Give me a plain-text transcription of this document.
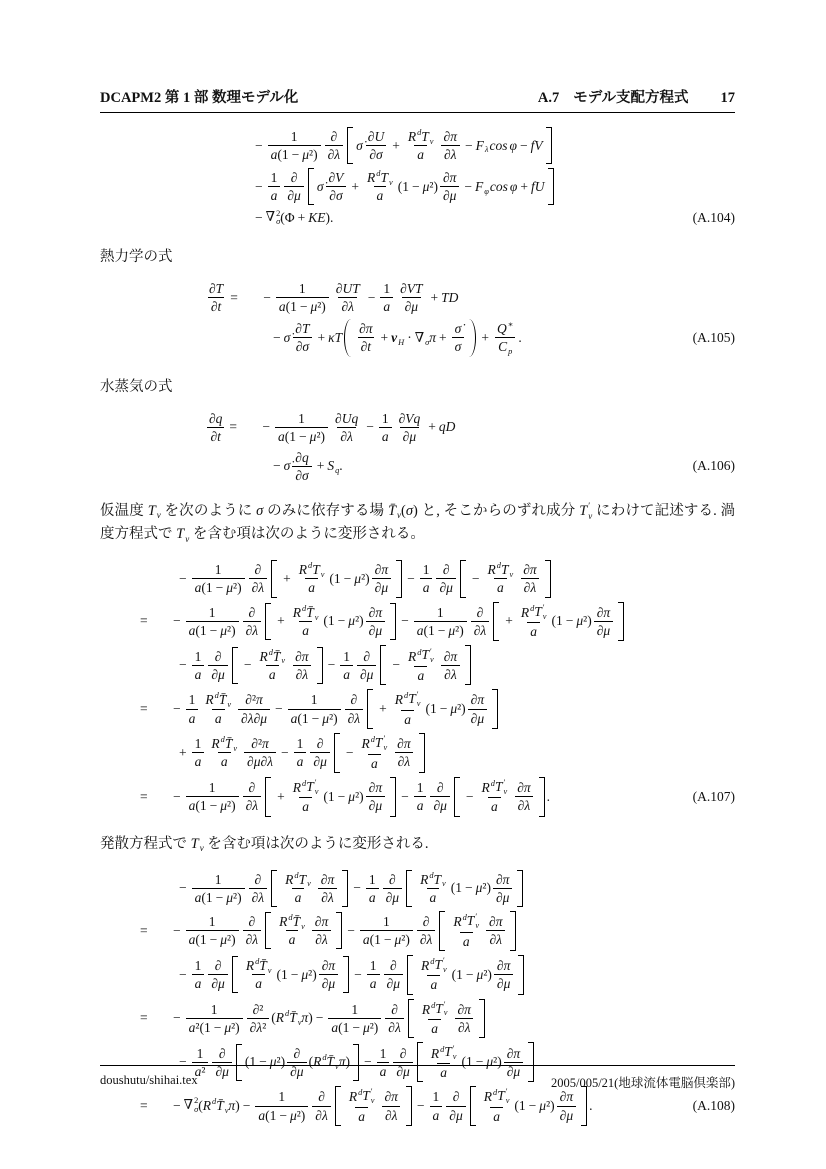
DCAPM2 第 1 部 数理モデル化	A.7 モデル支配方程式 17
− $\frac{1}{\text{a ( 1 − μ ² )}} \frac{\partial}{\partial \lambda}$ σ̇ $\frac{\partial U}{\partial \sigma} + \frac{\text{R d T v}}{a} \frac{\partial \pi}{\partial \lambda} - F$ λ cos φ − f V
− $\frac{1}{a} \frac{\partial}{\partial \mu}$ σ̇ $\frac{\partial V}{\partial \sigma} + \frac{\text{R d T v}}{a}$ ( 1 − μ ² ) $\frac{\partial \pi}{\partial \mu} - F$ φ cos φ + f U
− ∇ 2
σ ( Φ + K E ) .	(A.104)
熱力学の式
$\frac{\partial T}{\partial t}$ =	− $\frac{1}{\text{a ( 1 − μ ² )}} \frac{\text{∂ U T}}{\partial \lambda} - \frac{1}{a} \frac{\text{∂ V T}}{\partial \mu} + T$ D
− σ̇ $\frac{\partial T}{\partial \sigma} + \kappa$ T $\frac{\partial \pi}{\partial t} + v$ H · ∇ σ $\pi + \frac{\sigmȧ}{\sigma} + \frac{Q ∗}{\text{C p}}$ .	(A.105)
水蒸気の式
$\frac{\partial q}{\partial t}$ =	− $\frac{1}{\text{a ( 1 − μ ² )}} \frac{\text{∂ U q}}{\partial \lambda} - \frac{1}{a} \frac{\text{∂ V q}}{\partial \mu} + q$ D
− σ̇ $\frac{\partial q}{\partial \sigma} + S$ q .	(A.106)
仮温度 T v を次のように σ のみに依存する場 T̄ v (σ) と, そこからのずれ成分 T ′
v にわけて記述する. 渦度方程式で T v を含む項は次のように変形される。
− $\frac{1}{\text{a ( 1 − μ ² )}} \frac{\partial}{\partial \lambda} + \frac{\text{R d T v}}{a}$ ( 1 − μ ² ) $\frac{\partial \pi}{\partial \mu} - \frac{1}{a} \frac{\partial}{\partial \mu} - \frac{\text{R d T v}}{a} \frac{\partial \pi}{\partial \lambda}$
=	− $\frac{1}{\text{a ( 1 − μ ² )}} \frac{\partial}{\partial \lambda} + \frac{\text{R d T̄ v}}{a}$ ( 1 − μ ² ) $\frac{\partial \pi}{\partial \mu} - \frac{1}{\text{a ( 1 − μ ² )}} \frac{\partial}{\partial \lambda} + R$ d T ′
v
a ( 1 − μ ² ) $\frac{\partial \pi}{\partial \mu}$
− $\frac{1}{a} \frac{\partial}{\partial \mu} - \frac{\text{R d T̄ v}}{a} \frac{\partial \pi}{\partial \lambda} - \frac{1}{a} \frac{\partial}{\partial \mu} - R$ d T ′
v
a $\frac{\partial \pi}{\partial \lambda}$
=	− $\frac{1}{a} \frac{\text{R d T̄ v}}{a} \frac{\text{∂ ² π}}{\partial \lambda \partial \mu} - \frac{1}{\text{a ( 1 − μ ² )}} \frac{\partial}{\partial \lambda} + R$ d T ′
v
a ( 1 − μ ² ) $\frac{\partial \pi}{\partial \mu}$
+ $\frac{1}{a} \frac{\text{R d T̄ v}}{a} \frac{\text{∂ ² π}}{\partial \mu \partial \lambda} - \frac{1}{a} \frac{\partial}{\partial \mu} - R$ d T ′
v
a $\frac{\partial \pi}{\partial \lambda}$
=	− $\frac{1}{\text{a ( 1 − μ ² )}} \frac{\partial}{\partial \lambda} + R$ d T ′
v
a ( 1 − μ ² ) $\frac{\partial \pi}{\partial \mu} - \frac{1}{a} \frac{\partial}{\partial \mu} - R$ d T ′
v
a $\frac{\partial \pi}{\partial \lambda}$ .	(A.107)
発散方程式で T v を含む項は次のように変形される.
− $\frac{1}{\text{a ( 1 − μ ² )}} \frac{\partial}{\partial \lambda} \frac{\text{R d T v}}{a} \frac{\partial \pi}{\partial \lambda} - \frac{1}{a} \frac{\partial}{\partial \mu} \frac{\text{R d T v}}{a}$ ( 1 − μ ² ) $\frac{\partial \pi}{\partial \mu}$
=	− $\frac{1}{\text{a ( 1 − μ ² )}} \frac{\partial}{\partial \lambda} \frac{\text{R d T̄ v}}{a} \frac{\partial \pi}{\partial \lambda} - \frac{1}{\text{a ( 1 − μ ² )}} \frac{\partial}{\partial \lambda}$ R d T ′
v
a $\frac{\partial \pi}{\partial \lambda}$
− $\frac{1}{a} \frac{\partial}{\partial \mu} \frac{\text{R d T̄ v}}{a}$ ( 1 − μ ² ) $\frac{\partial \pi}{\partial \mu} - \frac{1}{a} \frac{\partial}{\partial \mu}$ R d T ′
v
a ( 1 − μ ² ) $\frac{\partial \pi}{\partial \mu}$
=	− $\frac{1}{\text{a ² ( 1 − μ ² )}} \frac{\text{∂ ²}}{\text{∂ λ ²}}$ ( R d T̄ v π ) − $\frac{1}{\text{a ( 1 − μ ² )}} \frac{\partial}{\partial \lambda}$ R d T ′
v
a $\frac{\partial \pi}{\partial \lambda}$
− $\frac{1}{\text{a ²}} \frac{\partial}{\partial \mu}$ ( 1 − μ ² ) $\frac{\partial}{\partial \mu}$ ( R d T̄ v π ) − $\frac{1}{a} \frac{\partial}{\partial \mu}$ R d T ′
v
a ( 1 − μ ² ) $\frac{\partial \pi}{\partial \mu}$
=	− ∇ 2
σ ( R d T̄ v π ) − $\frac{1}{\text{a ( 1 − μ ² )}} \frac{\partial}{\partial \lambda}$ R d T ′
v
a $\frac{\partial \pi}{\partial \lambda} - \frac{1}{a} \frac{\partial}{\partial \mu}$ R d T ′
v
a ( 1 − μ ² ) $\frac{\partial \pi}{\partial \mu}$ .	(A.108)
doushutu/shihai.tex	2005/005/21(地球流体電脳倶楽部)
